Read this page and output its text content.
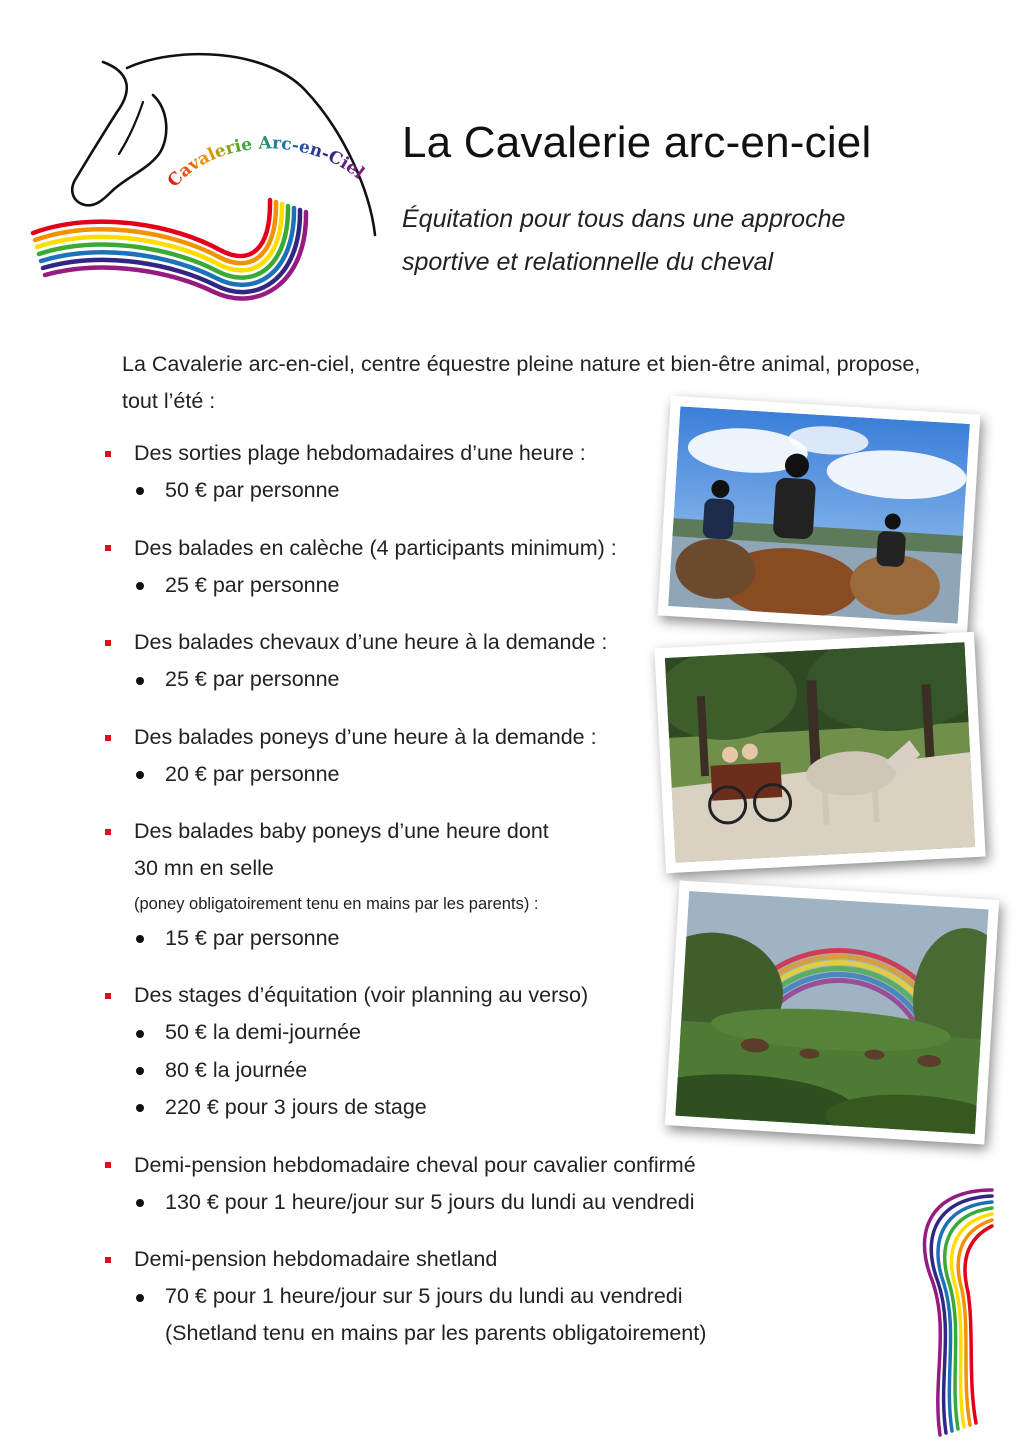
Cavalerie Arc-en-Ciel
La Cavalerie arc-en-ciel
Équitation pour tous dans une approche
sportive et relationnelle du cheval
La Cavalerie arc-en-ciel, centre équestre pleine nature et bien-être animal, propose,
tout l’été :
Des sorties plage hebdomadaires d’une heure :
50 € par personne
Des balades en calèche (4 participants minimum) :
25 € par personne
Des balades chevaux d’une heure à la demande :
25 € par personne
Des balades poneys d’une heure à la demande :
20 € par personne
Des balades baby poneys d’une heure dont
30 mn en selle
(poney obligatoirement tenu en mains par les parents) :
15 € par personne
Des stages d’équitation (voir planning au verso)
50 € la demi-journée
80 € la journée
220 € pour 3 jours de stage
Demi-pension hebdomadaire cheval pour cavalier confirmé
130 € pour 1 heure/jour sur 5 jours du lundi au vendredi
Demi-pension hebdomadaire shetland
70 € pour 1 heure/jour sur 5 jours du lundi au vendredi
(Shetland tenu en mains par les parents obligatoirement)
